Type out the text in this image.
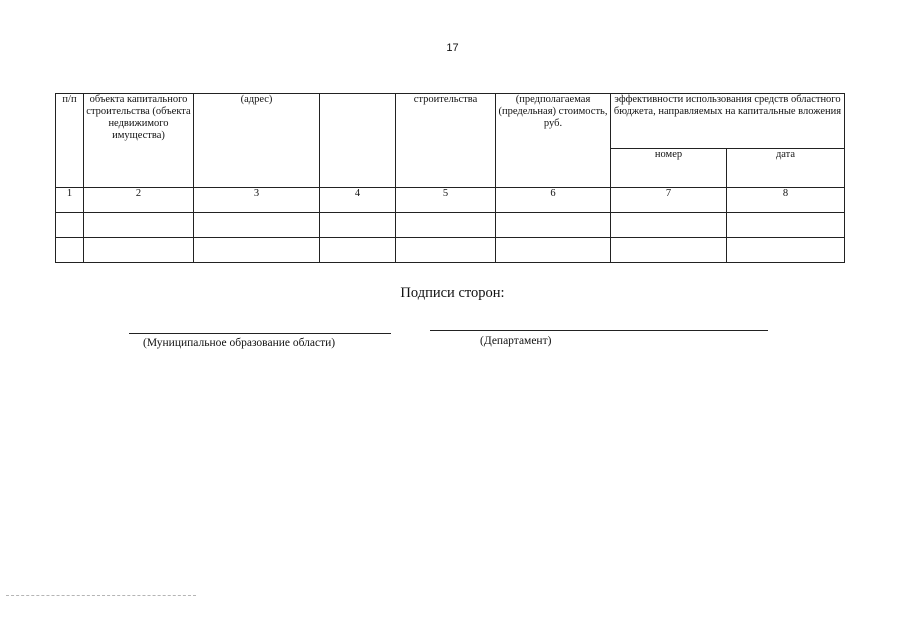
17
п/п	объекта капитального строительства (объекта недвижимого имущества)	(адрес)		строительства	(предполагаемая (предельная) стоимость, руб.	эффективности использования средств областного бюджета, направляемых на капитальные вложения	
						номер	дата
1	2	3	4	5	6	7	8

Подписи сторон:
(Муниципальное образование области)	(Департамент)
